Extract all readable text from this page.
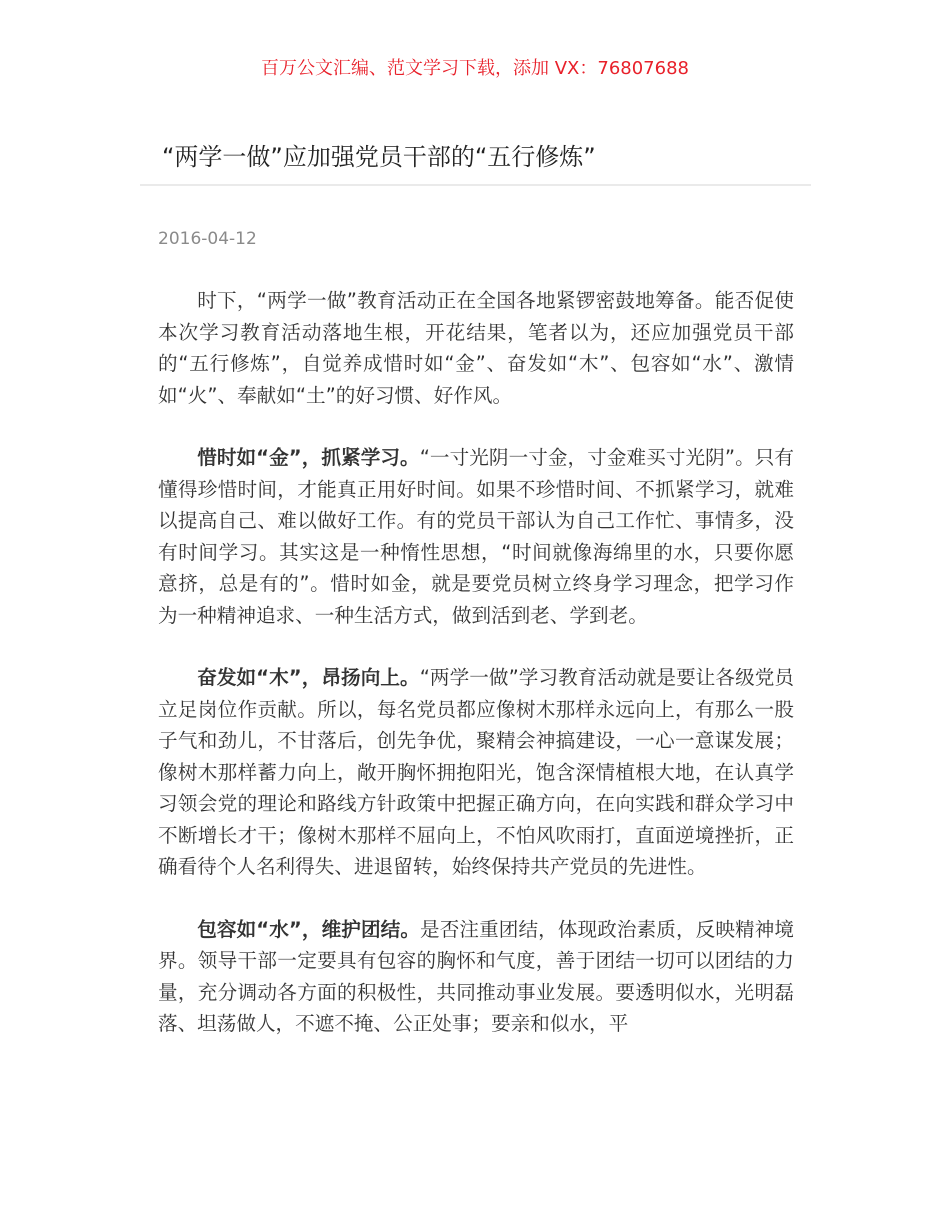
百万公文汇编、范文学习下载，添加 VX：76807688
“两学一做”应加强党员干部的“五行修炼”
2016-04-12

时下，“两学一做”教育活动正在全国各地紧锣密鼓地筹备。能否促使本次学习教育活动落地生根，开花结果，笔者以为，还应加强党员干部的“五行修炼”，自觉养成惜时如“金”、奋发如“木”、包容如“水”、激情如“火”、奉献如“土”的好习惯、好作风。

惜时如“金”，抓紧学习。“一寸光阴一寸金，寸金难买寸光阴”。只有懂得珍惜时间，才能真正用好时间。如果不珍惜时间、不抓紧学习，就难以提高自己、难以做好工作。有的党员干部认为自己工作忙、事情多，没有时间学习。其实这是一种惰性思想，“时间就像海绵里的水，只要你愿意挤，总是有的”。惜时如金，就是要党员树立终身学习理念，把学习作为一种精神追求、一种生活方式，做到活到老、学到老。

奋发如“木”，昂扬向上。“两学一做”学习教育活动就是要让各级党员立足岗位作贡献。所以，每名党员都应像树木那样永远向上，有那么一股子气和劲儿，不甘落后，创先争优，聚精会神搞建设，一心一意谋发展；像树木那样蓄力向上，敞开胸怀拥抱阳光，饱含深情植根大地，在认真学习领会党的理论和路线方针政策中把握正确方向，在向实践和群众学习中不断增长才干；像树木那样不屈向上，不怕风吹雨打，直面逆境挫折，正确看待个人名利得失、进退留转，始终保持共产党员的先进性。

包容如“水”，维护团结。是否注重团结，体现政治素质，反映精神境界。领导干部一定要具有包容的胸怀和气度，善于团结一切可以团结的力量，充分调动各方面的积极性，共同推动事业发展。要透明似水，光明磊落、坦荡做人，不遮不掩、公正处事；要亲和似水，平
